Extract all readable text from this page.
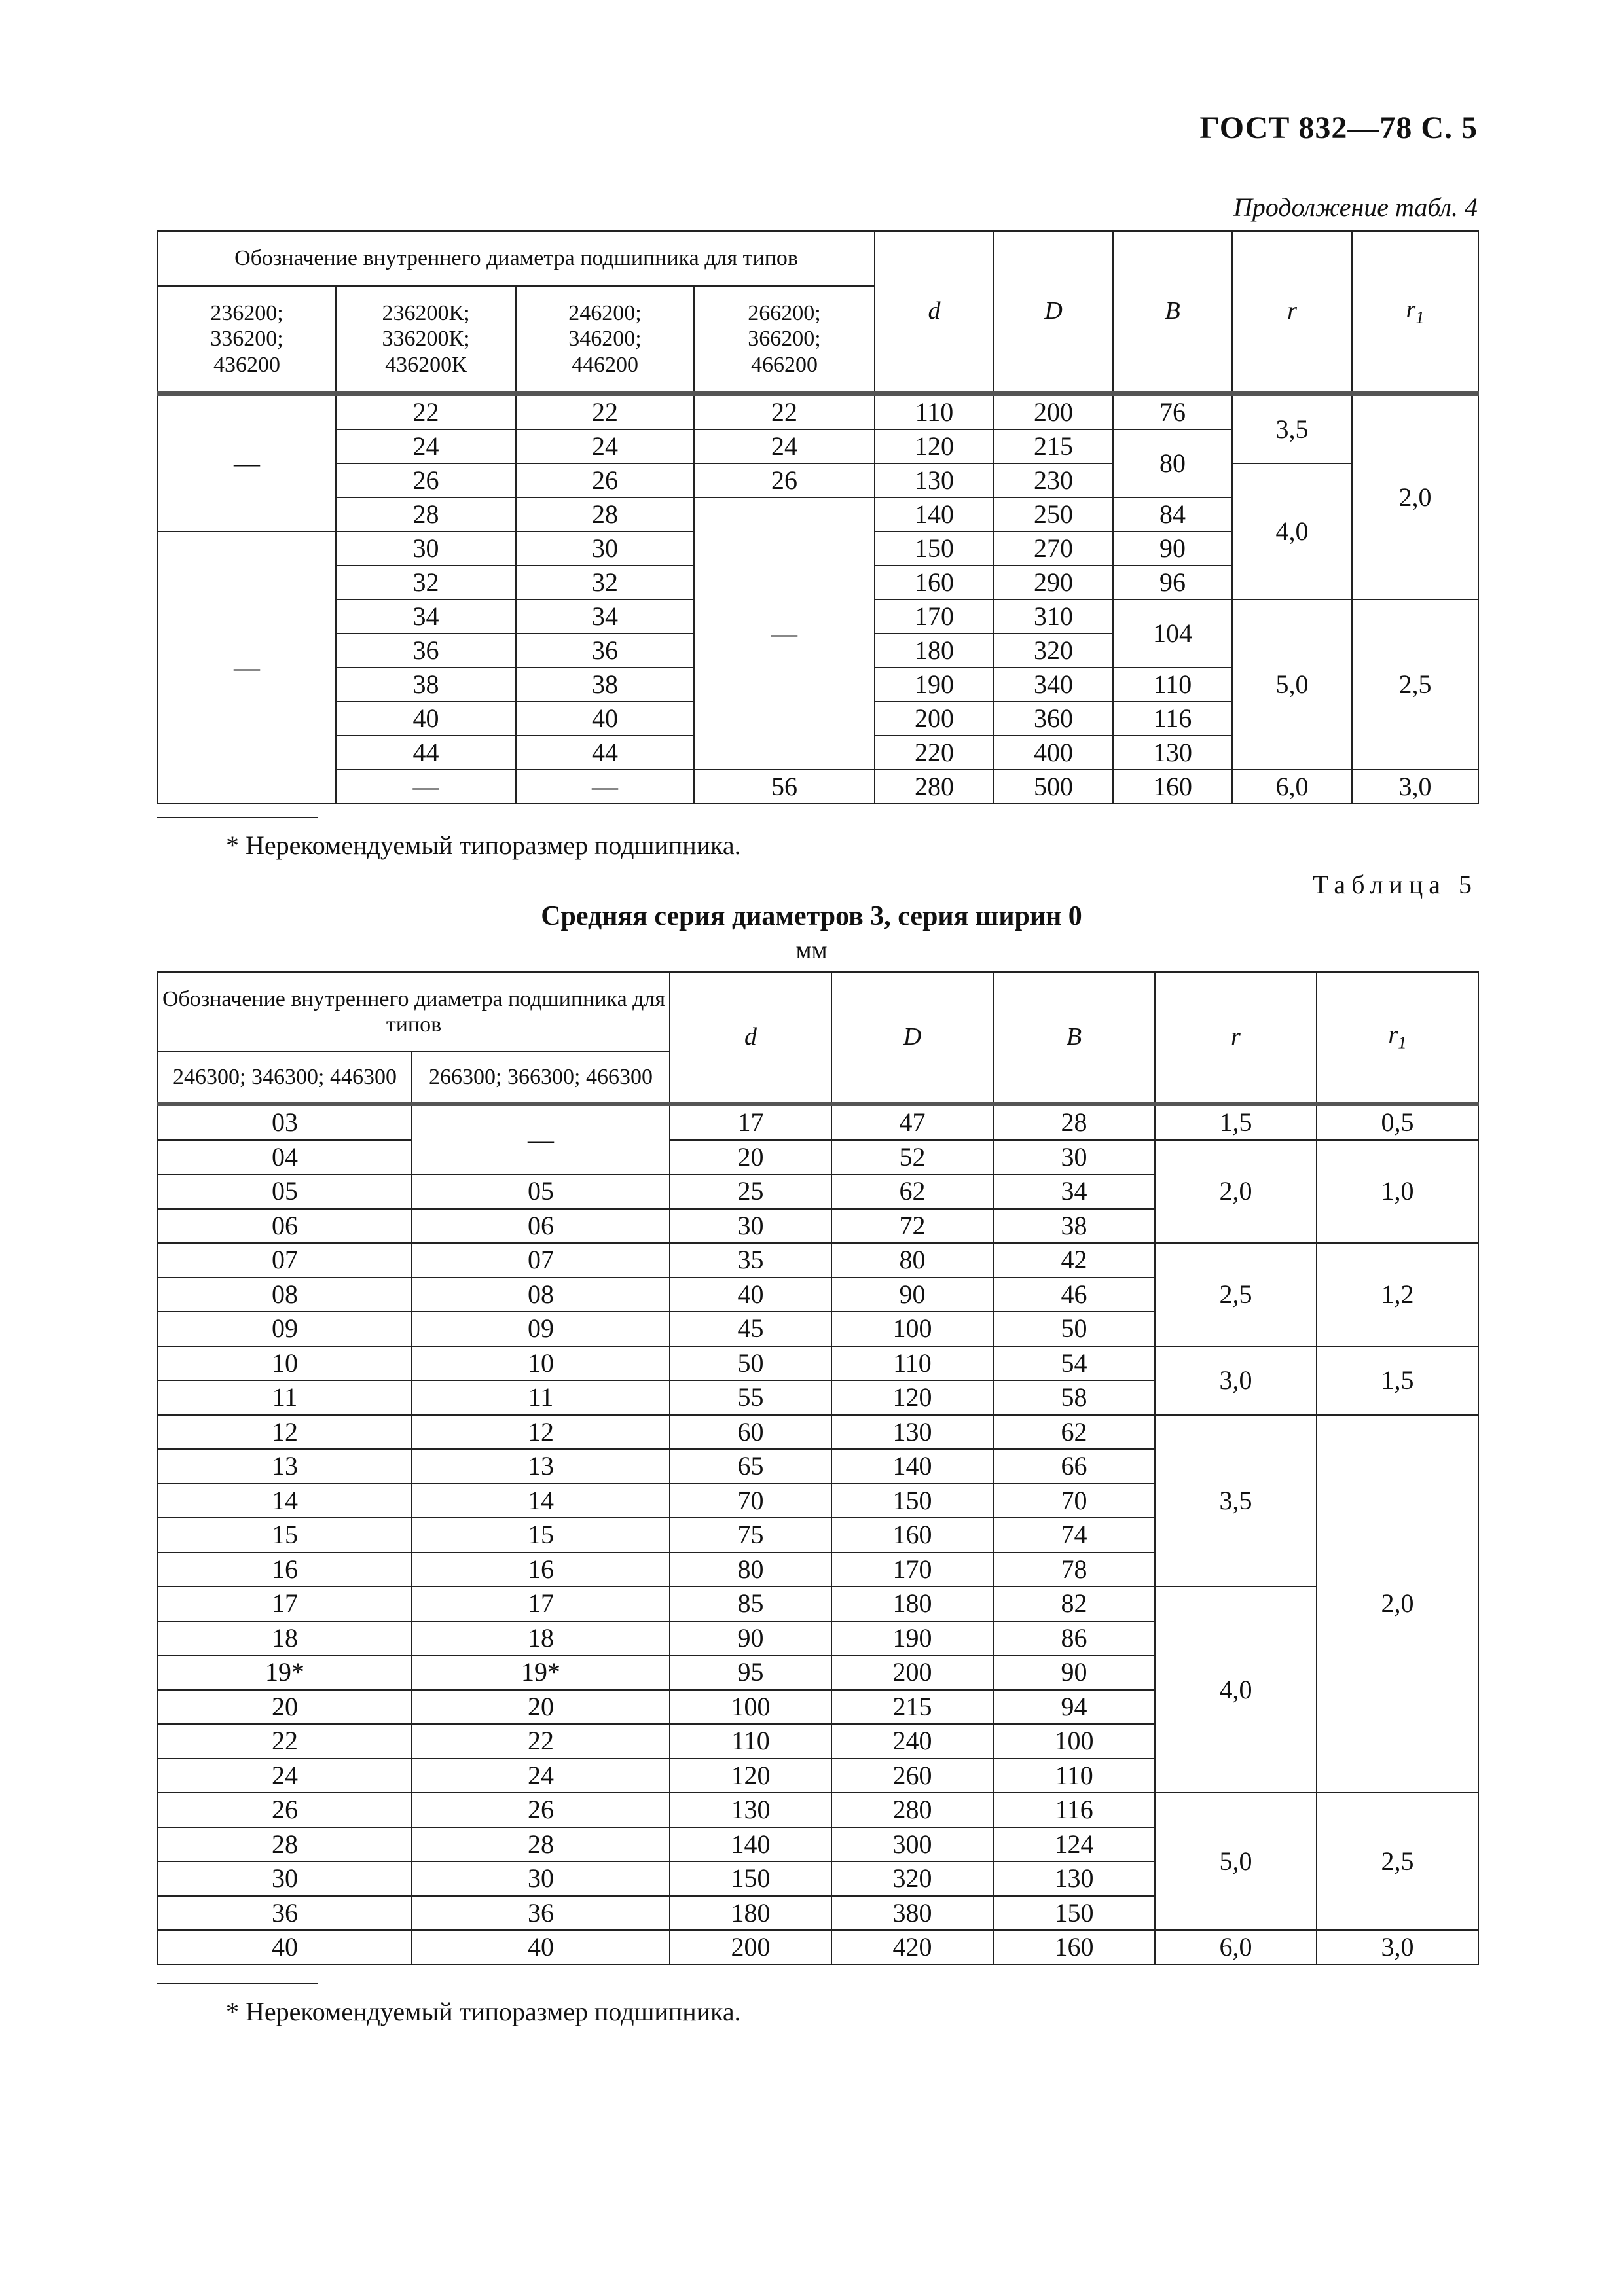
ГОСТ 832—78 С. 5
Продолжение табл. 4
Обозначение внутреннего диаметра подшипника для типов				d	D	B	r	$r_1$
236200;
336200;
436200	236200К;
336200К;
436200К	246200;
346200;
446200	266200;
366200;
466200					
—	22	22	22	110	200	76	3,5	2,0
	24	24	24	120	215	80		
	26	26	26	130	230		4,0	
	28	28	—	140	250	84		
—	30	30		150	270	90		
	32	32		160	290	96		
	34	34		170	310	104	5,0	2,5
	36	36		180	320			
	38	38		190	340	110		
	40	40		200	360	116		
	44	44		220	400	130		
	—	—	56	280	500	160	6,0	3,0
* Нерекомендуемый типоразмер подшипника.
Таблица 5
Средняя серия диаметров 3, серия ширин 0
мм
Обозначение внутреннего диаметра подшипника для типов		d	D	B	r	$r_1$
246300; 346300; 446300	266300; 366300; 466300					
03	—	17	47	28	1,5	0,5
04		20	52	30	2,0	1,0
05	05	25	62	34		
06	06	30	72	38		
07	07	35	80	42	2,5	1,2
08	08	40	90	46		
09	09	45	100	50		
10	10	50	110	54	3,0	1,5
11	11	55	120	58		
12	12	60	130	62	3,5	2,0
13	13	65	140	66		
14	14	70	150	70		
15	15	75	160	74		
16	16	80	170	78		
17	17	85	180	82	4,0	
18	18	90	190	86		
19*	19*	95	200	90		
20	20	100	215	94		
22	22	110	240	100		
24	24	120	260	110		
26	26	130	280	116	5,0	2,5
28	28	140	300	124		
30	30	150	320	130		
36	36	180	380	150		
40	40	200	420	160	6,0	3,0
* Нерекомендуемый типоразмер подшипника.
